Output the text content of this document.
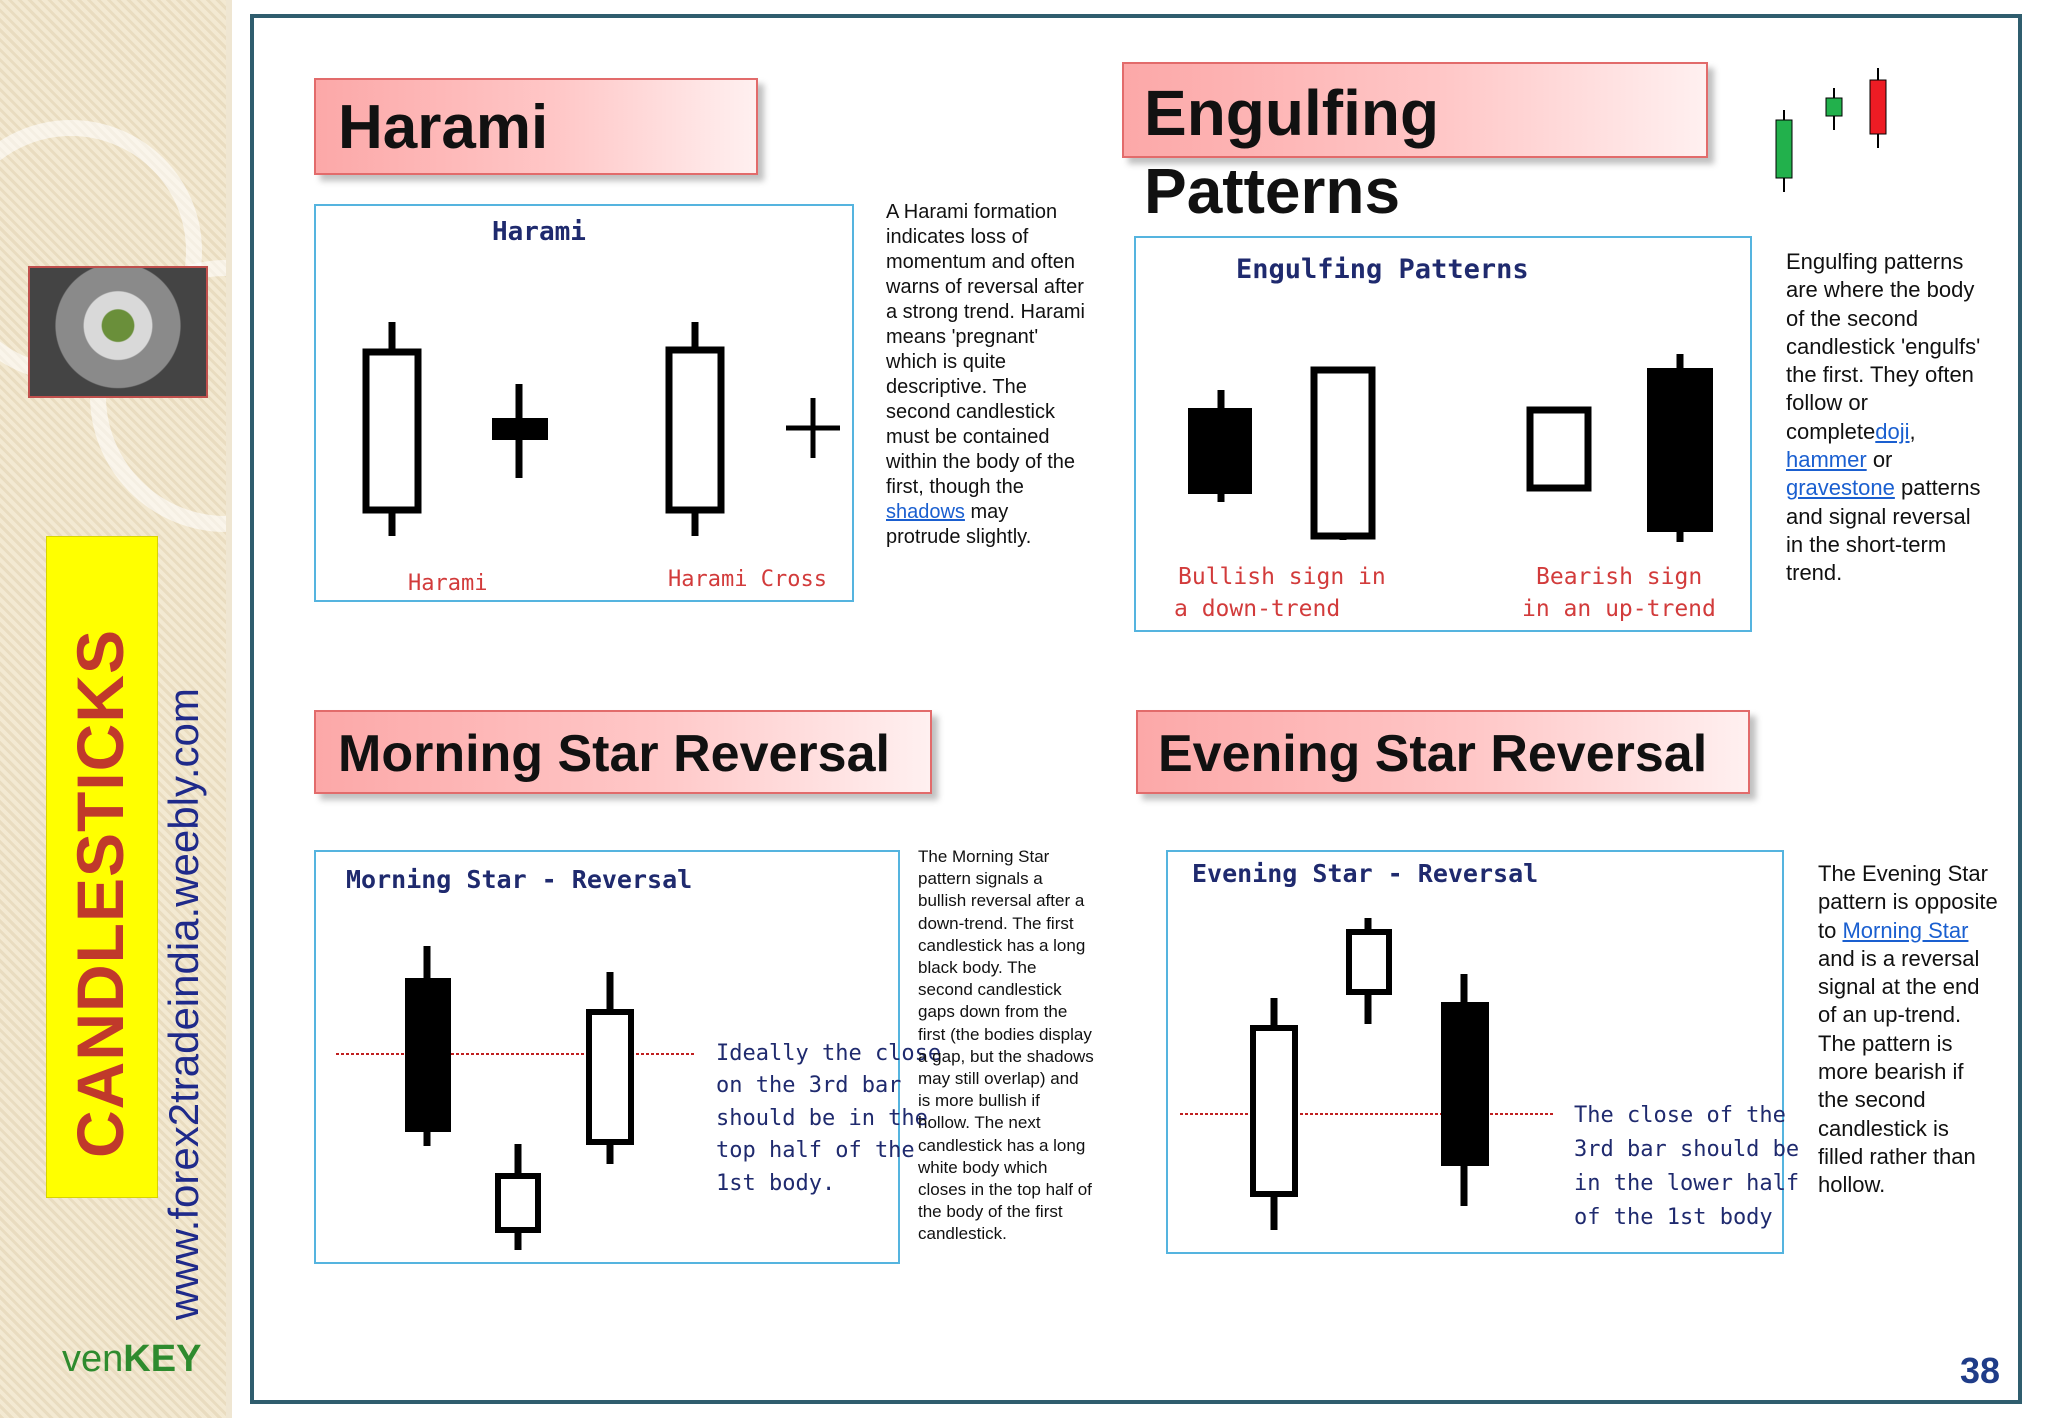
CANDLESTICKS www.forex2tradeindia.weebly.com
venKEY	38
Harami
Harami
Harami	Harami Cross
A Harami formation indicates loss of momentum and often warns of reversal after a strong trend. Harami means 'pregnant' which is quite descriptive. The second candlestick must be contained within the body of the first, though the shadows may protrude slightly.
Engulfing Patterns
Engulfing Patterns
Bullish sign in
a down-trend
Bearish sign
in an up-trend
Engulfing patterns are where the body of the second candlestick 'engulfs' the first. They often follow or completedoji, hammer or gravestone patterns and signal reversal in the short-term trend.
Morning Star Reversal
Morning Star - Reversal
Ideally the close
on the 3rd bar
should be in the
top half of the
1st body.
The Morning Star pattern signals a bullish reversal after a down-trend. The first candlestick has a long black body. The second candlestick gaps down from the first (the bodies display a gap, but the shadows may still overlap) and is more bullish if hollow. The next candlestick has a long white body which closes in the top half of the body of the first candlestick.
Evening Star Reversal
Evening Star - Reversal
The close of the
3rd bar should be
in the lower half
of the 1st body
The Evening Star pattern is opposite to Morning Star and is a reversal signal at the end of an up-trend. The pattern is more bearish if the second candlestick is filled rather than hollow.
